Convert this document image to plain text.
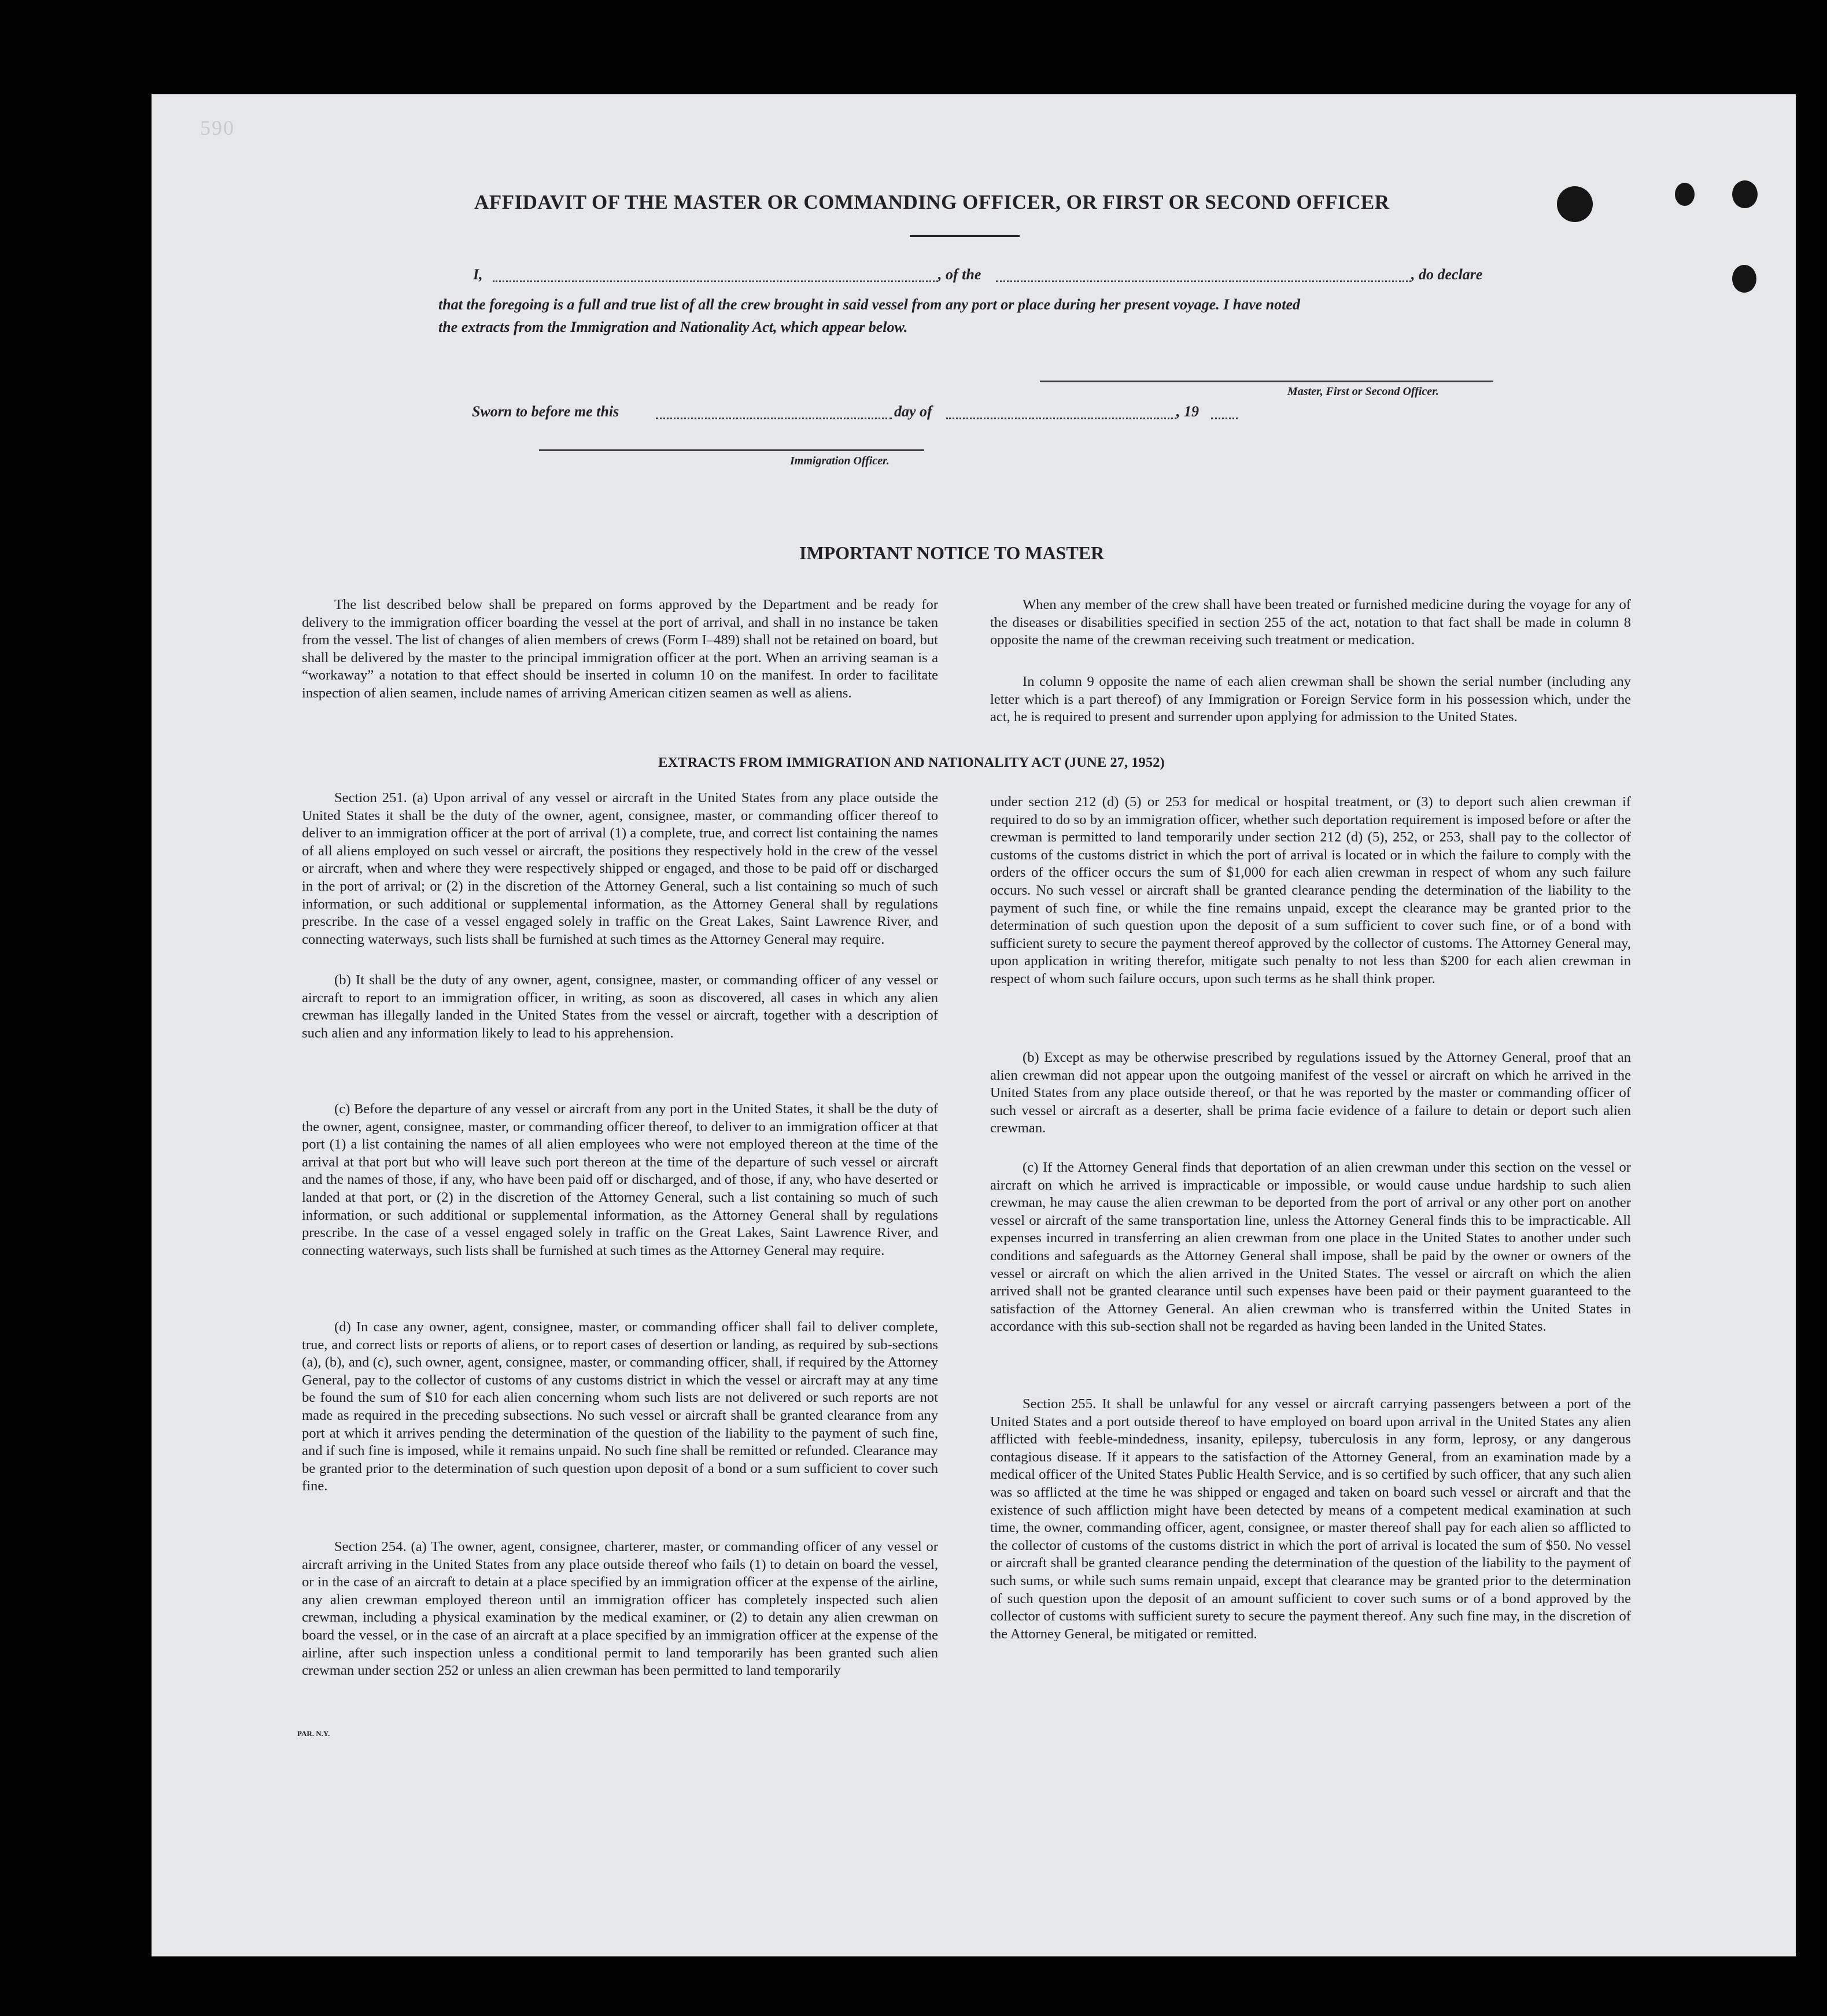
590
AFFIDAVIT OF THE MASTER OR COMMANDING OFFICER, OR FIRST OR SECOND OFFICER
I,	, of the	, do declare
that the foregoing is a full and true list of all the crew brought in said vessel from any port or place during her present voyage. I have noted
the extracts from the Immigration and Nationality Act, which appear below.
Master, First or Second Officer.
Sworn to before me this	day of	, 19
Immigration Officer.
IMPORTANT NOTICE TO MASTER

The list described below shall be prepared on forms approved by the Department and be ready for delivery to the immigration officer boarding the vessel at the port of arrival, and shall in no instance be taken from the vessel. The list of changes of alien members of crews (Form I–489) shall not be retained on board, but shall be delivered by the master to the principal immigration officer at the port. When an arriving seaman is a “workaway” a notation to that effect should be inserted in column 10 on the manifest. In order to facilitate inspection of alien seamen, include names of arriving American citizen seamen as well as aliens.

When any member of the crew shall have been treated or furnished medicine during the voyage for any of the diseases or disabilities specified in section 255 of the act, notation to that fact shall be made in column 8 opposite the name of the crewman receiving such treatment or medication.

In column 9 opposite the name of each alien crewman shall be shown the serial number (including any letter which is a part thereof) of any Immigration or Foreign Service form in his possession which, under the act, he is required to present and surrender upon applying for admission to the United States.

EXTRACTS FROM IMMIGRATION AND NATIONALITY ACT (JUNE 27, 1952)

Section 251. (a) Upon arrival of any vessel or aircraft in the United States from any place outside the United States it shall be the duty of the owner, agent, consignee, master, or commanding officer thereof to deliver to an immigration officer at the port of arrival (1) a complete, true, and correct list containing the names of all aliens employed on such vessel or aircraft, the positions they respectively hold in the crew of the vessel or aircraft, when and where they were respectively shipped or engaged, and those to be paid off or discharged in the port of arrival; or (2) in the discretion of the Attorney General, such a list containing so much of such information, or such additional or supplemental information, as the Attorney General shall by regulations prescribe. In the case of a vessel engaged solely in traffic on the Great Lakes, Saint Lawrence River, and connecting waterways, such lists shall be furnished at such times as the Attorney General may require.

(b) It shall be the duty of any owner, agent, consignee, master, or commanding officer of any vessel or aircraft to report to an immigration officer, in writing, as soon as discovered, all cases in which any alien crewman has illegally landed in the United States from the vessel or aircraft, together with a description of such alien and any information likely to lead to his apprehension.

(c) Before the departure of any vessel or aircraft from any port in the United States, it shall be the duty of the owner, agent, consignee, master, or commanding officer thereof, to deliver to an immigration officer at that port (1) a list containing the names of all alien employees who were not employed thereon at the time of the arrival at that port but who will leave such port thereon at the time of the departure of such vessel or aircraft and the names of those, if any, who have been paid off or discharged, and of those, if any, who have deserted or landed at that port, or (2) in the discretion of the Attorney General, such a list containing so much of such information, or such additional or supplemental information, as the Attorney General shall by regulations prescribe. In the case of a vessel engaged solely in traffic on the Great Lakes, Saint Lawrence River, and connecting waterways, such lists shall be furnished at such times as the Attorney General may require.

(d) In case any owner, agent, consignee, master, or commanding officer shall fail to deliver complete, true, and correct lists or reports of aliens, or to report cases of desertion or landing, as required by sub-sections (a), (b), and (c), such owner, agent, consignee, master, or commanding officer, shall, if required by the Attorney General, pay to the collector of customs of any customs district in which the vessel or aircraft may at any time be found the sum of $10 for each alien concerning whom such lists are not delivered or such reports are not made as required in the preceding subsections. No such vessel or aircraft shall be granted clearance from any port at which it arrives pending the determination of the question of the liability to the payment of such fine, and if such fine is imposed, while it remains unpaid. No such fine shall be remitted or refunded. Clearance may be granted prior to the determination of such question upon deposit of a bond or a sum sufficient to cover such fine.

Section 254. (a) The owner, agent, consignee, charterer, master, or commanding officer of any vessel or aircraft arriving in the United States from any place outside thereof who fails (1) to detain on board the vessel, or in the case of an aircraft to detain at a place specified by an immigration officer at the expense of the airline, any alien crewman employed thereon until an immigration officer has completely inspected such alien crewman, including a physical examination by the medical examiner, or (2) to detain any alien crewman on board the vessel, or in the case of an aircraft at a place specified by an immigration officer at the expense of the airline, after such inspection unless a conditional permit to land temporarily has been granted such alien crewman under section 252 or unless an alien crewman has been permitted to land temporarily

under section 212 (d) (5) or 253 for medical or hospital treatment, or (3) to deport such alien crewman if required to do so by an immigration officer, whether such deportation requirement is imposed before or after the crewman is permitted to land temporarily under section 212 (d) (5), 252, or 253, shall pay to the collector of customs of the customs district in which the port of arrival is located or in which the failure to comply with the orders of the officer occurs the sum of $1,000 for each alien crewman in respect of whom any such failure occurs. No such vessel or aircraft shall be granted clearance pending the determination of the liability to the payment of such fine, or while the fine remains unpaid, except the clearance may be granted prior to the determination of such question upon the deposit of a sum sufficient to cover such fine, or of a bond with sufficient surety to secure the payment thereof approved by the collector of customs. The Attorney General may, upon application in writing therefor, mitigate such penalty to not less than $200 for each alien crewman in respect of whom such failure occurs, upon such terms as he shall think proper.

(b) Except as may be otherwise prescribed by regulations issued by the Attorney General, proof that an alien crewman did not appear upon the outgoing manifest of the vessel or aircraft on which he arrived in the United States from any place outside thereof, or that he was reported by the master or commanding officer of such vessel or aircraft as a deserter, shall be prima facie evidence of a failure to detain or deport such alien crewman.

(c) If the Attorney General finds that deportation of an alien crewman under this section on the vessel or aircraft on which he arrived is impracticable or impossible, or would cause undue hardship to such alien crewman, he may cause the alien crewman to be deported from the port of arrival or any other port on another vessel or aircraft of the same transportation line, unless the Attorney General finds this to be impracticable. All expenses incurred in transferring an alien crewman from one place in the United States to another under such conditions and safeguards as the Attorney General shall impose, shall be paid by the owner or owners of the vessel or aircraft on which the alien arrived in the United States. The vessel or aircraft on which the alien arrived shall not be granted clearance until such expenses have been paid or their payment guaranteed to the satisfaction of the Attorney General. An alien crewman who is transferred within the United States in accordance with this sub-section shall not be regarded as having been landed in the United States.

Section 255. It shall be unlawful for any vessel or aircraft carrying passengers between a port of the United States and a port outside thereof to have employed on board upon arrival in the United States any alien afflicted with feeble-mindedness, insanity, epilepsy, tuberculosis in any form, leprosy, or any dangerous contagious disease. If it appears to the satisfaction of the Attorney General, from an examination made by a medical officer of the United States Public Health Service, and is so certified by such officer, that any such alien was so afflicted at the time he was shipped or engaged and taken on board such vessel or aircraft and that the existence of such affliction might have been detected by means of a competent medical examination at such time, the owner, commanding officer, agent, consignee, or master thereof shall pay for each alien so afflicted to the collector of customs of the customs district in which the port of arrival is located the sum of $50. No vessel or aircraft shall be granted clearance pending the determination of the question of the liability to the payment of such sums, or while such sums remain unpaid, except that clearance may be granted prior to the determination of such question upon the deposit of an amount sufficient to cover such sums or of a bond approved by the collector of customs with sufficient surety to secure the payment thereof. Any such fine may, in the discretion of the Attorney General, be mitigated or remitted.

PAR. N.Y.
